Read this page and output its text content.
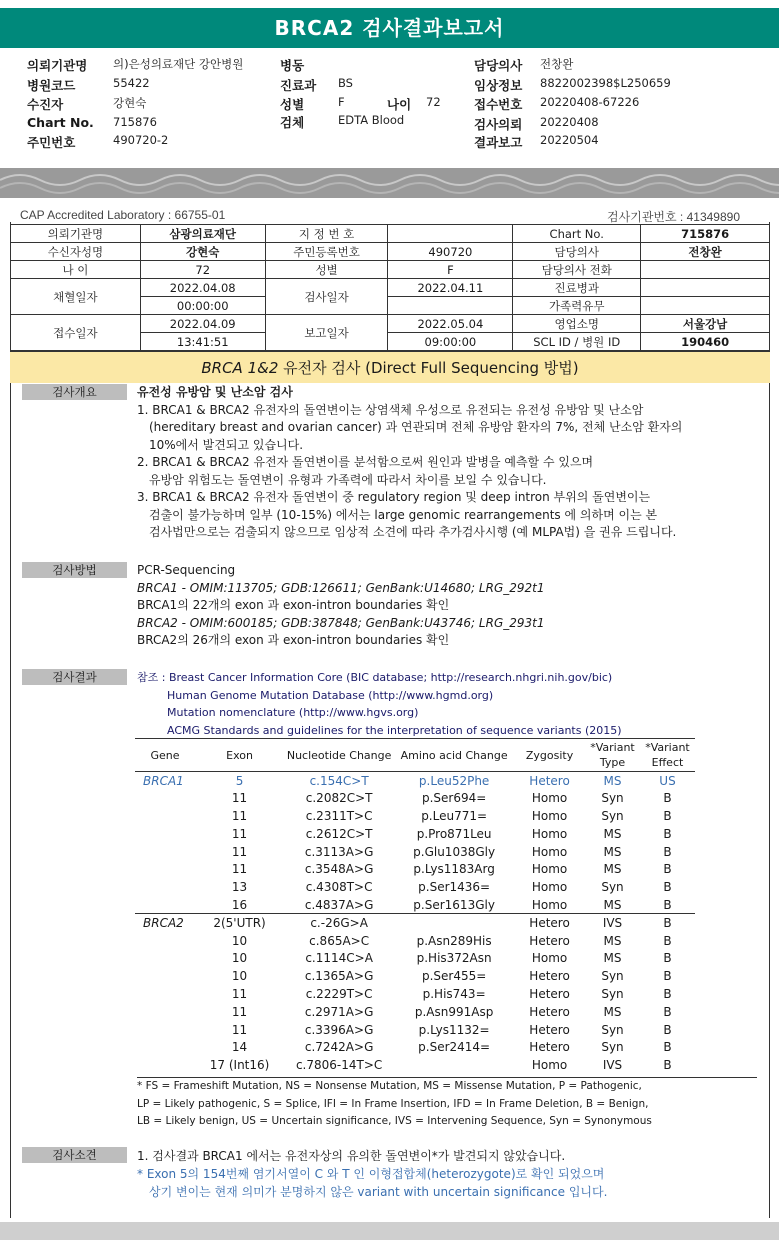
BRCA2 검사결과보고서
의뢰기관명 의)은성의료재단 강안병원	병동	담당의사 전창완
병원코드	55422	진료과 BS	임상정보 8822002398$L250659
수진자	강현숙	성별	F	나이 72	접수번호 20220408-67226
Chart No. 715876	검체	EDTA Blood	검사의뢰 20220408
주민번호	490720-2	결과보고 20220504
CAP Accredited Laboratory : 66755-01	검사기관번호 : 41349890
의뢰기관명	삼광의료재단	지 정 번 호		Chart No.	715876
수신자성명	강현숙	주민등록번호	490720	담당의사	전창완
나 이	72	성별	F	담당의사 전화	
채혈일자	2022.04.08	검사일자	2022.04.11	진료병과	
	00:00:00			가족력유무	
접수일자	2022.04.09	보고일자	2022.05.04	영업소명	서울강남
	13:41:51		09:00:00	SCL ID / 병원 ID	190460
BRCA 1&2 유전자 검사 (Direct Full Sequencing 방법)
검사개요	유전성 유방암 및 난소암 검사

1. BRCA1 & BRCA2 유전자의 돌연변이는 상염색체 우성으로 유전되는 유전성 유방암 및 난소암

(hereditary breast and ovarian cancer) 과 연관되며 전체 유방암 환자의 7%, 전체 난소암 환자의

10%에서 발견되고 있습니다.

2. BRCA1 & BRCA2 유전자 돌연변이를 분석함으로써 원인과 발병을 예측할 수 있으며

유방암 위험도는 돌연변이 유형과 가족력에 따라서 차이를 보일 수 있습니다.

3. BRCA1 & BRCA2 유전자 돌연변이 중 regulatory region 및 deep intron 부위의 돌연변이는

검출이 불가능하며 일부 (10-15%) 에서는 large genomic rearrangements 에 의하며 이는 본

검사법만으로는 검출되지 않으므로 임상적 소견에 따라 추가검사시행 (예 MLPA법) 을 권유 드립니다.

검사방법	PCR-Sequencing

BRCA1 - OMIM:113705; GDB:126611; GenBank:U14680; LRG_292t1

BRCA1의 22개의 exon 과 exon-intron boundaries 확인

BRCA2 - OMIM:600185; GDB:387848; GenBank:U43746; LRG_293t1

BRCA2의 26개의 exon 과 exon-intron boundaries 확인

검사결과	참조 : Breast Cancer Information Core (BIC database; http://research.nhgri.nih.gov/bic)
Human Genome Mutation Database (http://www.hgmd.org)
Mutation nomenclature (http://www.hgvs.org)
ACMG Standards and guidelines for the interpretation of sequence variants (2015)
Gene	Exon	Nucleotide Change	Amino acid Change	Zygosity	*Variant Type	*Variant Effect
BRCA1	5	c.154C>T	p.Leu52Phe	Hetero	MS	US
	11	c.2082C>T	p.Ser694=	Homo	Syn	B
	11	c.2311T>C	p.Leu771=	Homo	Syn	B
	11	c.2612C>T	p.Pro871Leu	Homo	MS	B
	11	c.3113A>G	p.Glu1038Gly	Homo	MS	B
	11	c.3548A>G	p.Lys1183Arg	Homo	MS	B
	13	c.4308T>C	p.Ser1436=	Homo	Syn	B
	16	c.4837A>G	p.Ser1613Gly	Homo	MS	B
BRCA2	2(5'UTR)	c.-26G>A		Hetero	IVS	B
	10	c.865A>C	p.Asn289His	Hetero	MS	B
	10	c.1114C>A	p.His372Asn	Homo	MS	B
	10	c.1365A>G	p.Ser455=	Hetero	Syn	B
	11	c.2229T>C	p.His743=	Hetero	Syn	B
	11	c.2971A>G	p.Asn991Asp	Hetero	MS	B
	11	c.3396A>G	p.Lys1132=	Hetero	Syn	B
	14	c.7242A>G	p.Ser2414=	Hetero	Syn	B
	17 (Int16)	c.7806-14T>C		Homo	IVS	B
* FS = Frameshift Mutation, NS = Nonsense Mutation, MS = Missense Mutation, P = Pathogenic,
LP = Likely pathogenic, S = Splice, IFI = In Frame Insertion, IFD = In Frame Deletion, B = Benign,
LB = Likely benign, US = Uncertain significance, IVS = Intervening Sequence, Syn = Synonymous
검사소견	1. 검사결과 BRCA1 에서는 유전자상의 유의한 돌연변이*가 발견되지 않았습니다.
* Exon 5의 154번째 염기서열이 C 와 T 인 이형접합체(heterozygote)로 확인 되었으며
상기 변이는 현재 의미가 분명하지 않은 variant with uncertain significance 입니다.
